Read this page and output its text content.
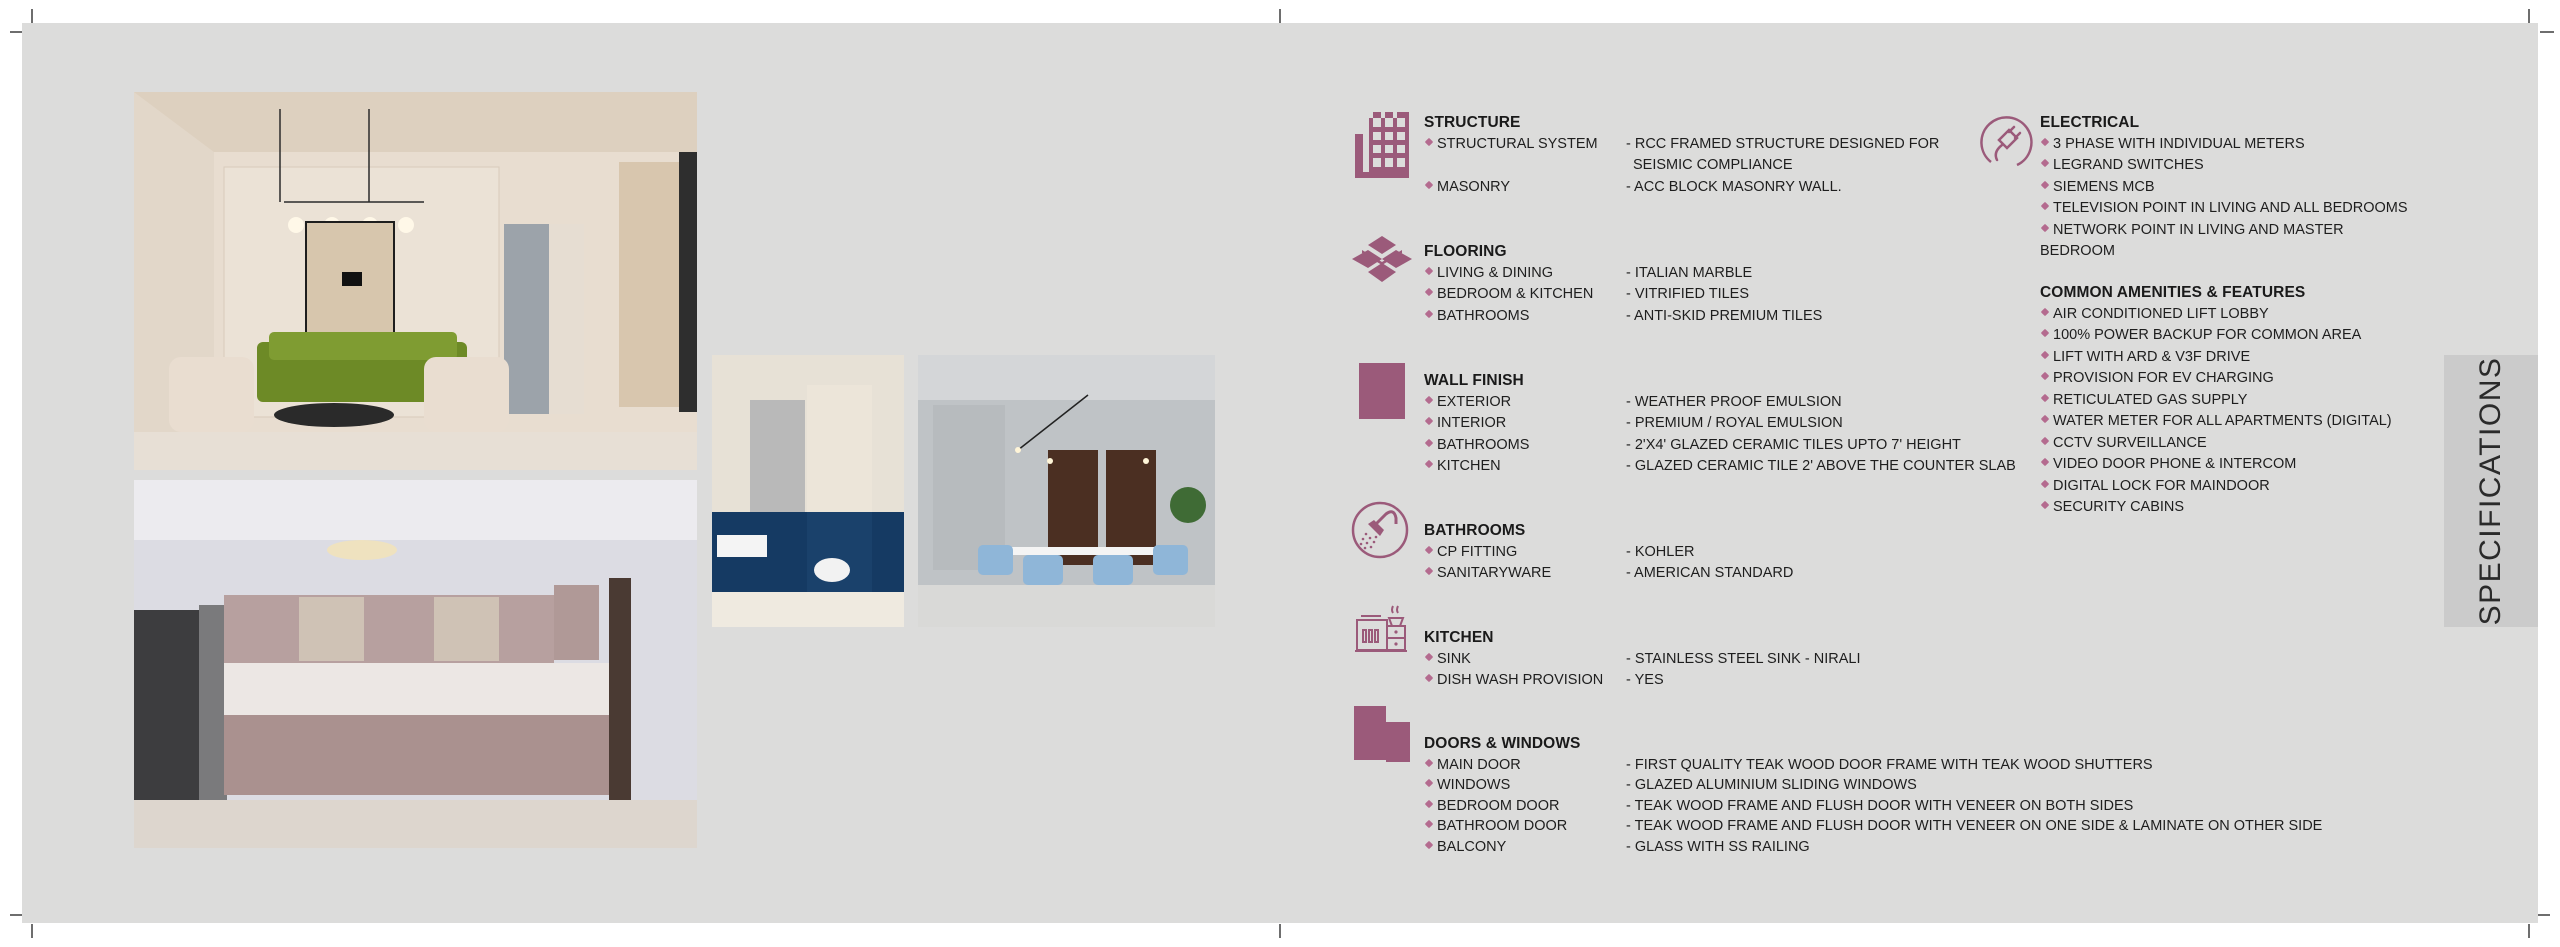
STRUCTURE
STRUCTURAL SYSTEM - RCC FRAMED STRUCTURE DESIGNED FOR
SEISMIC COMPLIANCE
MASONRY	- ACC BLOCK MASONRY WALL.
FLOORING
LIVING & DINING	- ITALIAN MARBLE
BEDROOM & KITCHEN - VITRIFIED TILES
BATHROOMS	- ANTI-SKID PREMIUM TILES
WALL FINISH
EXTERIOR	- WEATHER PROOF EMULSION
INTERIOR	- PREMIUM / ROYAL EMULSION
BATHROOMS	- 2'X4' GLAZED CERAMIC TILES UPTO 7' HEIGHT
KITCHEN	- GLAZED CERAMIC TILE 2' ABOVE THE COUNTER SLAB
BATHROOMS
CP FITTING	- KOHLER
SANITARYWARE	- AMERICAN STANDARD
KITCHEN
SINK	- STAINLESS STEEL SINK - NIRALI
DISH WASH PROVISION - YES
DOORS & WINDOWS
MAIN DOOR	- FIRST QUALITY TEAK WOOD DOOR FRAME WITH TEAK WOOD SHUTTERS
WINDOWS	- GLAZED ALUMINIUM SLIDING WINDOWS
BEDROOM DOOR	- TEAK WOOD FRAME AND FLUSH DOOR WITH VENEER ON BOTH SIDES
BATHROOM DOOR	- TEAK WOOD FRAME AND FLUSH DOOR WITH VENEER ON ONE SIDE & LAMINATE ON OTHER SIDE
BALCONY	- GLASS WITH SS RAILING
ELECTRICAL
3 PHASE WITH INDIVIDUAL METERS
LEGRAND SWITCHES
SIEMENS MCB
TELEVISION POINT IN LIVING AND ALL BEDROOMS
NETWORK POINT IN LIVING AND MASTER
BEDROOM
COMMON AMENITIES & FEATURES
AIR CONDITIONED LIFT LOBBY
100% POWER BACKUP FOR COMMON AREA
LIFT WITH ARD & V3F DRIVE
PROVISION FOR EV CHARGING
RETICULATED GAS SUPPLY
WATER METER FOR ALL APARTMENTS (DIGITAL)
CCTV SURVEILLANCE
VIDEO DOOR PHONE & INTERCOM
DIGITAL LOCK FOR MAINDOOR
SECURITY CABINS	SPECIFICATIONS
